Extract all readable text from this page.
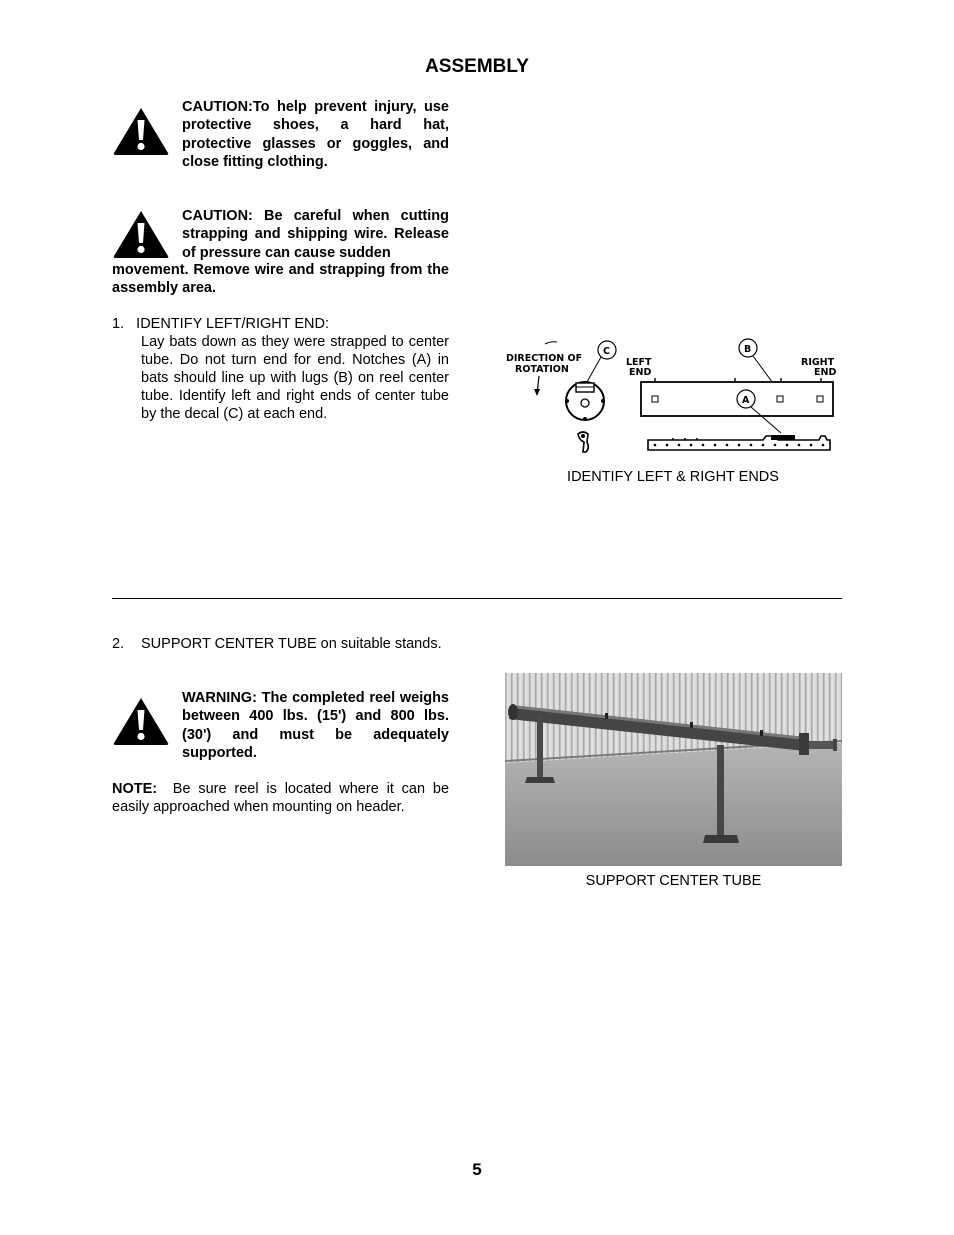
ASSEMBLY
CAUTION:To help prevent injury, use protective shoes, a hard hat, protective glasses or goggles, and close fitting clothing.
CAUTION: Be careful when cutting strapping and shipping wire. Release of pressure can cause sudden
movement. Remove wire and strapping from the assembly area.
1.   IDENTIFY LEFT/RIGHT END:
Lay bats down as they were strapped to center tube. Do not turn end for end. Notches (A) in bats should line up with lugs (B) on reel center tube. Identify left and right ends of center tube by the decal (C) at each end.
DIRECTION OF
ROTATION
C
LEFT
END
RIGHT
END
B
A
IDENTIFY LEFT & RIGHT ENDS
2. SUPPORT CENTER TUBE on suitable stands.
WARNING: The completed reel weighs between 400 lbs. (15') and 800 lbs. (30') and must be adequately supported.
NOTE: Be sure reel is located where it can be easily approached when mounting on header.
SUPPORT CENTER TUBE
5
